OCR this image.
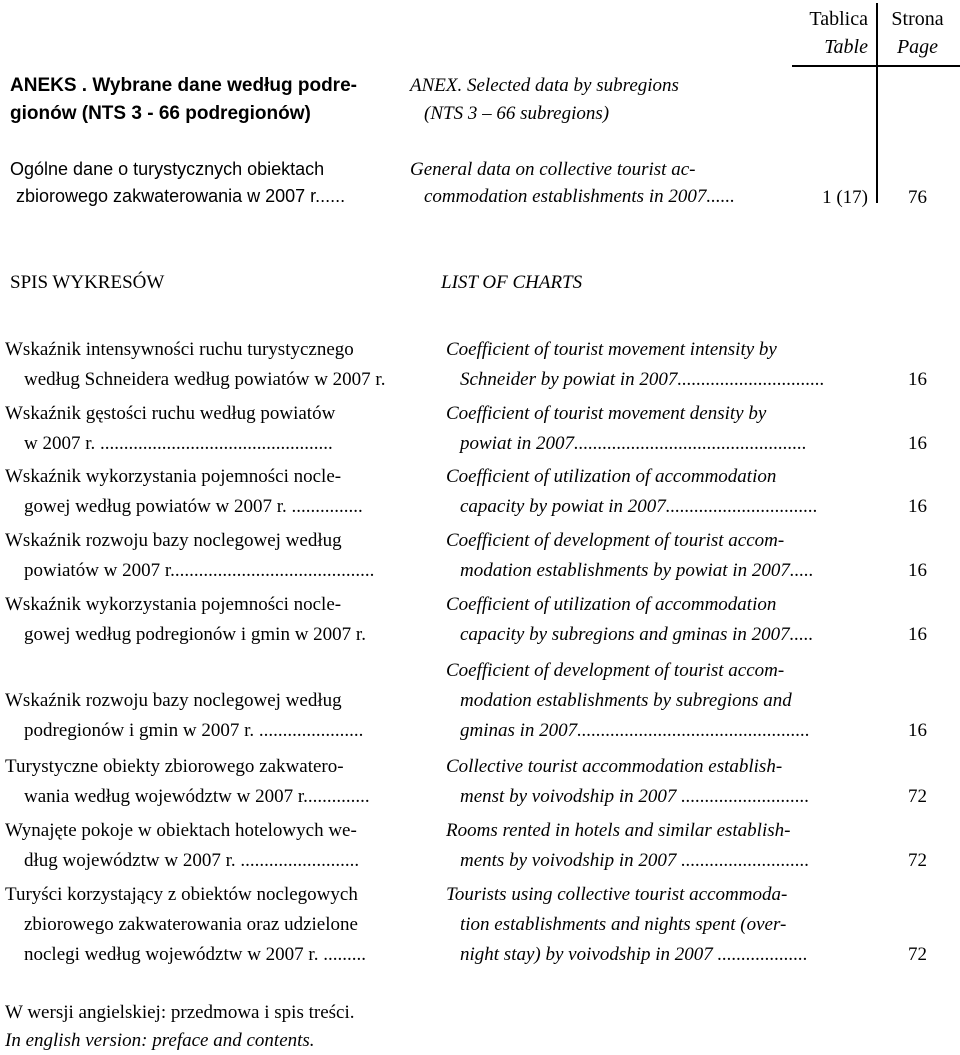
Tablica
Table
Strona
Page
ANEKS . Wybrane dane według podre-
gionów (NTS 3 - 66 podregionów)
ANEX. Selected data by subregions
(NTS 3 – 66 subregions)
Ogólne dane o turystycznych obiektach
zbiorowego zakwaterowania w 2007 r......
General data on collective tourist ac-
commodation establishments in 2007......	1 (17)	76
SPIS WYKRESÓW	LIST OF CHARTS
Wskaźnik intensywności ruchu turystycznego
według Schneidera według powiatów w 2007 r.
Coefficient of tourist movement intensity by
Schneider by powiat in 2007...............................	16
Wskaźnik gęstości ruchu według powiatów
w 2007 r. .................................................
Coefficient of tourist movement density by
powiat in 2007.................................................	16
Wskaźnik wykorzystania pojemności nocle-
gowej według powiatów w 2007 r. ...............
Coefficient of utilization of accommodation
capacity by powiat in 2007................................	16
Wskaźnik rozwoju bazy noclegowej według
powiatów w 2007 r...........................................
Coefficient of development of tourist accom-
modation establishments by powiat in 2007.....	16
Wskaźnik wykorzystania pojemności nocle-
gowej według podregionów i gmin w 2007 r.
Coefficient of utilization of accommodation
capacity by subregions and gminas in 2007.....	16
Wskaźnik rozwoju bazy noclegowej według
podregionów i gmin w 2007 r. ......................
Coefficient of development of tourist accom-
modation establishments by subregions and
gminas in 2007.................................................	16
Turystyczne obiekty zbiorowego zakwatero-
wania według województw w 2007 r..............
Collective tourist accommodation establish-
menst by voivodship in 2007 ...........................	72
Wynajęte pokoje w obiektach hotelowych we-
dług województw w 2007 r. .........................
Rooms rented in hotels and similar establish-
ments by voivodship in 2007 ...........................	72
Turyści korzystający z obiektów noclegowych
zbiorowego zakwaterowania oraz udzielone
noclegi według województw w 2007 r. .........
Tourists using collective tourist accommoda-
tion establishments and nights spent (over-
night stay) by voivodship in 2007 ...................	72
W wersji angielskiej: przedmowa i spis treści.
In english version: preface and contents.
